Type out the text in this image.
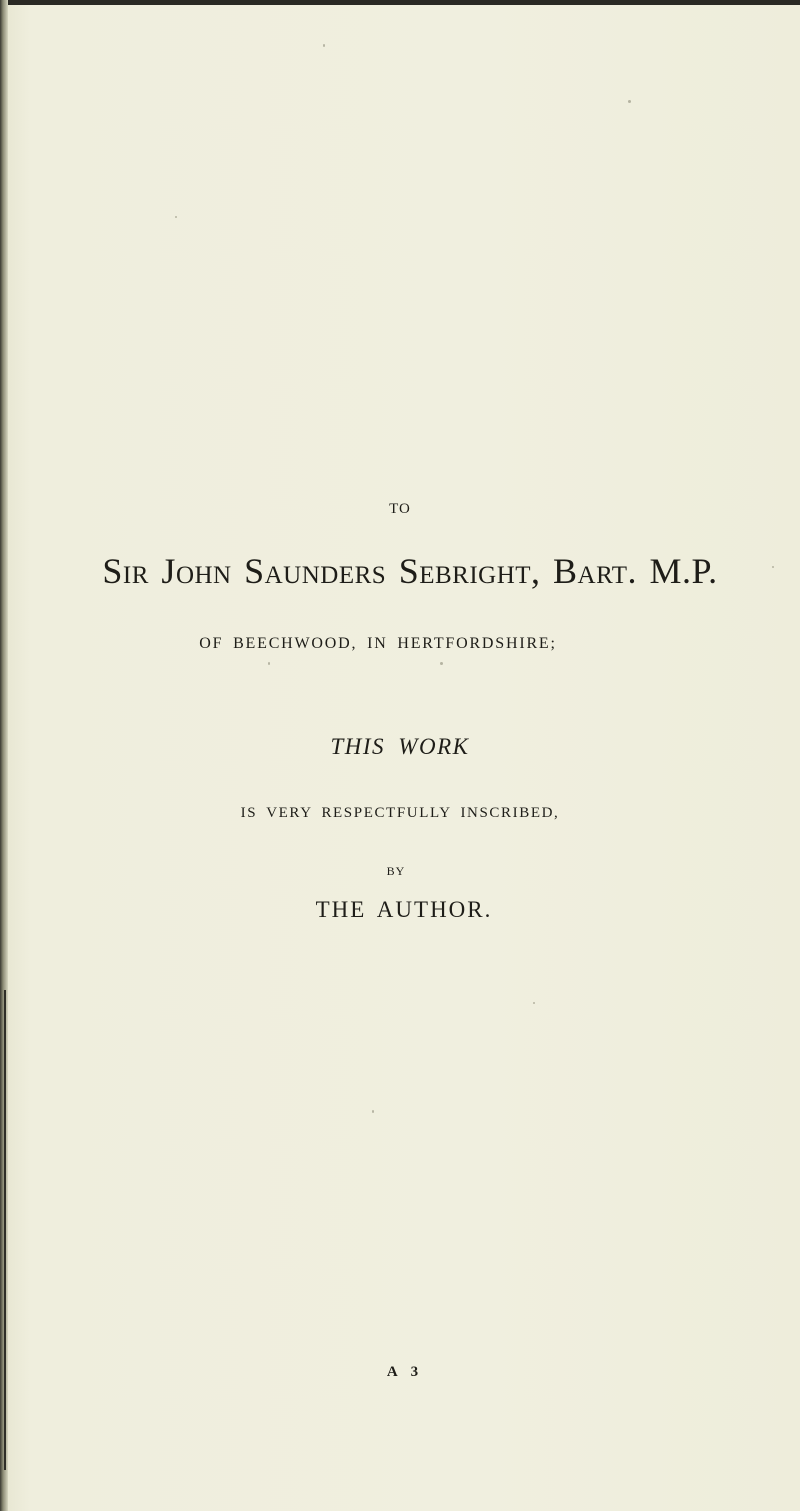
TO
Sir John Saunders Sebright, Bart. M.P.
OF BEECHWOOD, IN HERTFORDSHIRE;
THIS WORK
IS VERY RESPECTFULLY INSCRIBED,
BY
THE AUTHOR.
A 3
